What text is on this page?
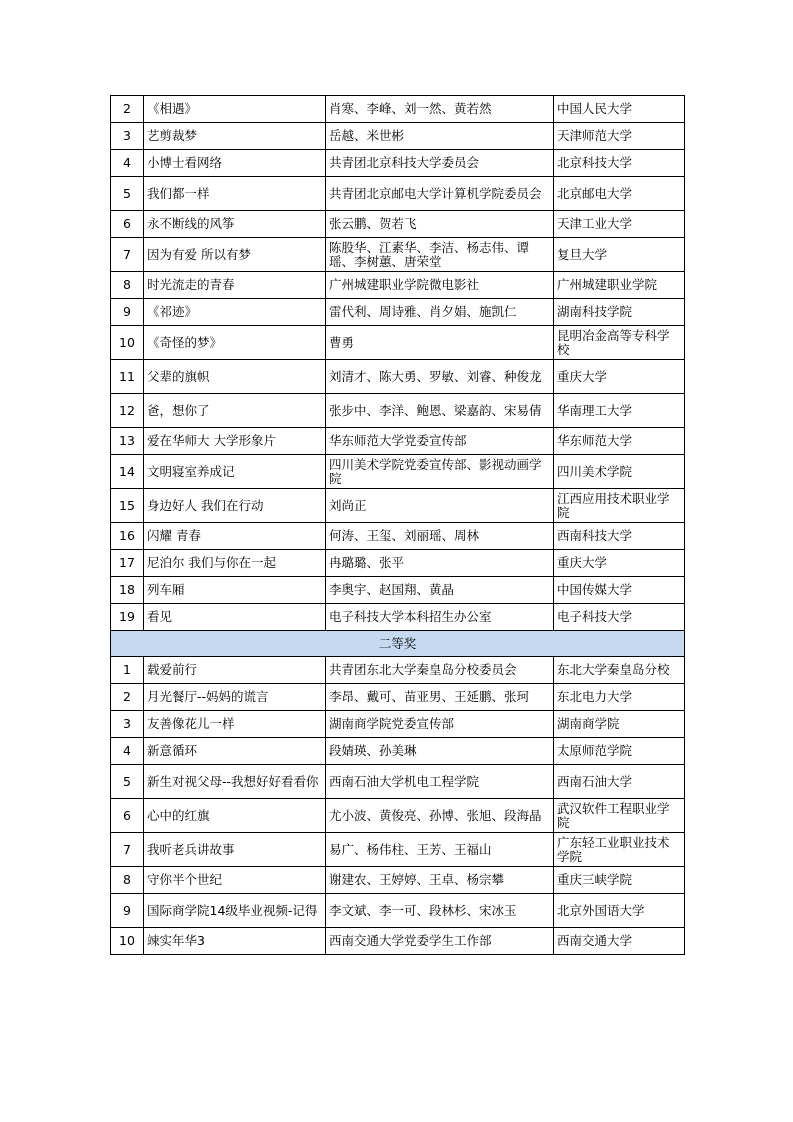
2	《相遇》	肖寒、李峰、刘一然、黄若然	中国人民大学
3	艺剪裁梦	岳越、米世彬	天津师范大学
4	小博士看网络	共青团北京科技大学委员会	北京科技大学
5	我们都一样	共青团北京邮电大学计算机学院委员会	北京邮电大学
6	永不断线的风筝	张云鹏、贺若飞	天津工业大学
7	因为有爱 所以有梦	陈股华、江素华、李洁、杨志伟、谭瑶、李树蕙、唐荣堂	复旦大学
8	时光流走的青春	广州城建职业学院微电影社	广州城建职业学院
9	《祁迹》	雷代利、周诗雅、肖夕娟、施凯仁	湖南科技学院
10	《奇怪的梦》	曹勇	昆明冶金高等专科学校
11	父辈的旗帜	刘清才、陈大勇、罗敏、刘睿、种俊龙	重庆大学
12	爸，想你了	张步中、李洋、鲍恩、梁嘉韵、宋易倩	华南理工大学
13	爱在华师大 大学形象片	华东师范大学党委宣传部	华东师范大学
14	文明寝室养成记	四川美术学院党委宣传部、影视动画学院	四川美术学院
15	身边好人 我们在行动	刘尚正	江西应用技术职业学院
16	闪耀 青春	何涛、王玺、刘丽瑶、周林	西南科技大学
17	尼泊尔 我们与你在一起	冉璐璐、张平	重庆大学
18	列车厢	李奥宇、赵国翔、黄晶	中国传媒大学
19	看见	电子科技大学本科招生办公室	电子科技大学
二等奖			
1	载爱前行	共青团东北大学秦皇岛分校委员会	东北大学秦皇岛分校
2	月光餐厅--妈妈的谎言	李昂、戴可、苗亚男、王延鹏、张珂	东北电力大学
3	友善像花儿一样	湖南商学院党委宣传部	湖南商学院
4	新意循环	段婧瑛、孙美琳	太原师范学院
5	新生对视父母--我想好好看看你	西南石油大学机电工程学院	西南石油大学
6	心中的红旗	尤小波、黄俊亮、孙博、张旭、段海晶	武汉软件工程职业学院
7	我听老兵讲故事	易广、杨伟柱、王芳、王福山	广东轻工业职业技术学院
8	守你半个世纪	谢建农、王婷婷、王卓、杨宗攀	重庆三峡学院
9	国际商学院14级毕业视频-记得	李文斌、李一可、段林杉、宋冰玉	北京外国语大学
10	竦实年华3	西南交通大学党委学生工作部	西南交通大学
